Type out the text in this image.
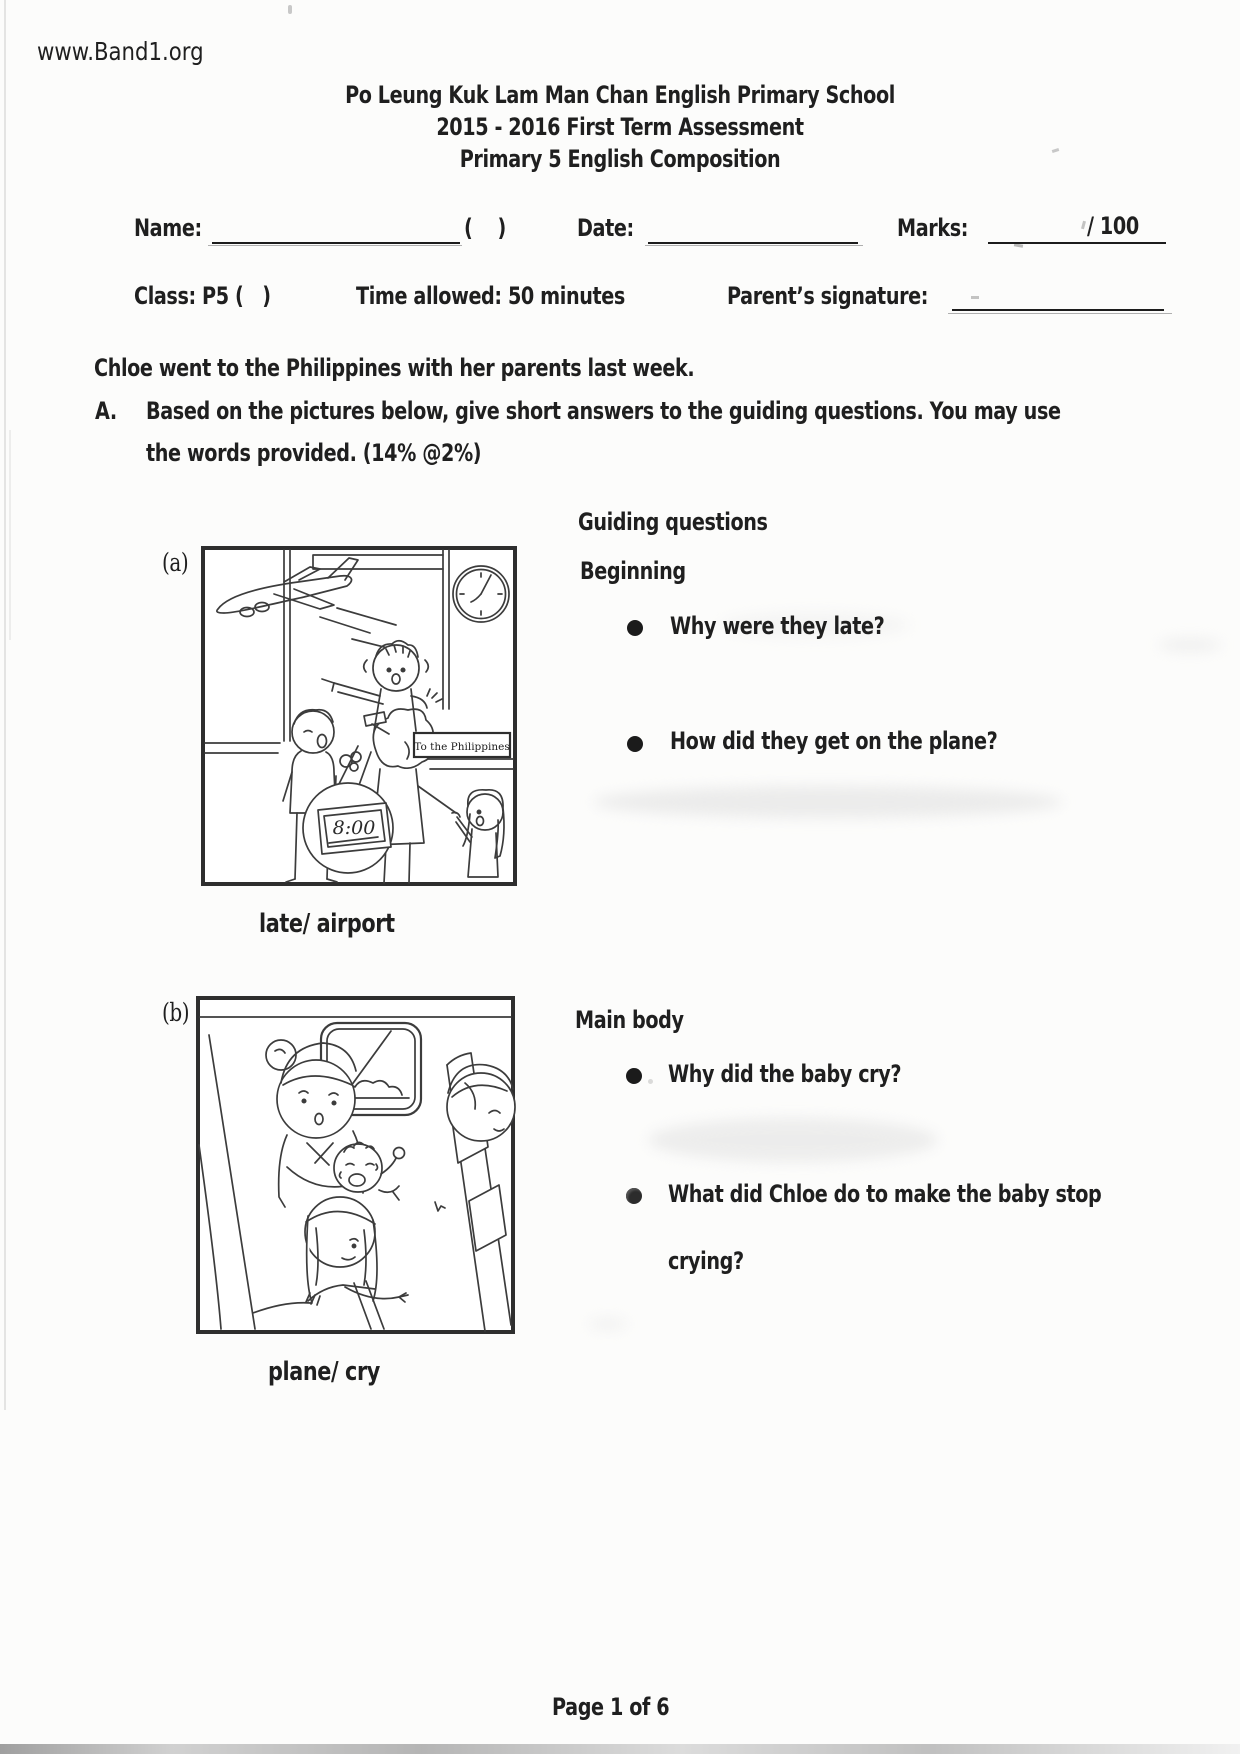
www.Band1.org
Po Leung Kuk Lam Man Chan English Primary School
2015 - 2016 First Term Assessment
Primary 5 English Composition
Name:	(    )	Date:	Marks:	/ 100
Class: P5 (   )	Time allowed: 50 minutes	Parent’s signature:
Chloe went to the Philippines with her parents last week.
A. Based on the pictures below, give short answers to the guiding questions. You may use
the words provided. (14% @2%)
Guiding questions
Beginning
Why were they late?
How did they get on the plane?
Main body
Why did the baby cry?
What did Chloe do to make the baby stop
crying?
(a)
To the Philippines
8:00
late/ airport
(b)
plane/ cry
Page 1 of 6
